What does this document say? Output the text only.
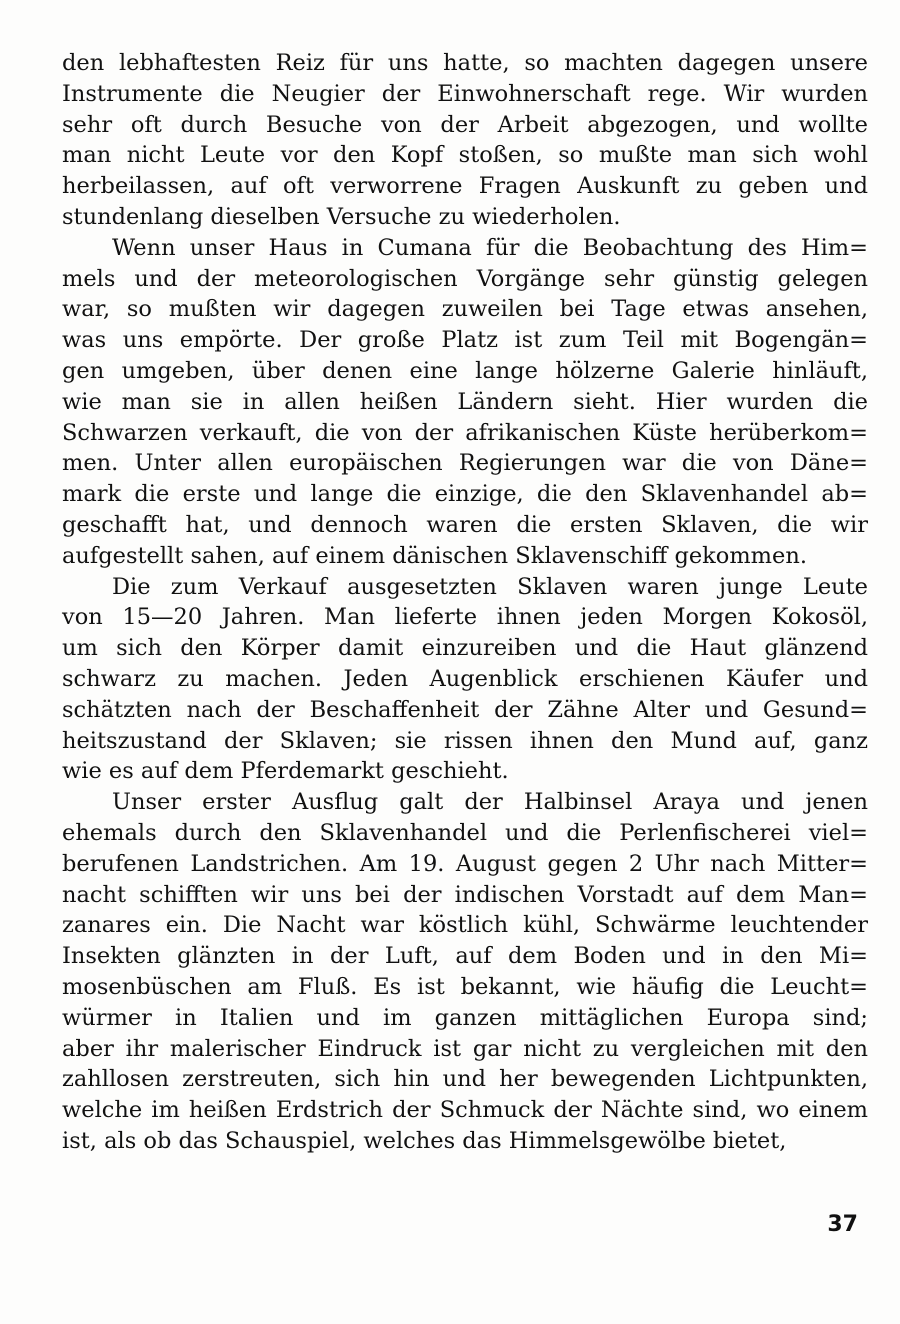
den lebhaftesten Reiz für uns hatte, so machten dagegen unsere
Instrumente die Neugier der Einwohnerschaft rege. Wir wurden
sehr oft durch Besuche von der Arbeit abgezogen, und wollte
man nicht Leute vor den Kopf stoßen, so mußte man sich wohl
herbeilassen, auf oft verworrene Fragen Auskunft zu geben und
stundenlang dieselben Versuche zu wiederholen.
Wenn unser Haus in Cumana für die Beobachtung des Him=
mels und der meteorologischen Vorgänge sehr günstig gelegen
war, so mußten wir dagegen zuweilen bei Tage etwas ansehen,
was uns empörte. Der große Platz ist zum Teil mit Bogengän=
gen umgeben, über denen eine lange hölzerne Galerie hinläuft,
wie man sie in allen heißen Ländern sieht. Hier wurden die
Schwarzen verkauft, die von der afrikanischen Küste herüberkom=
men. Unter allen europäischen Regierungen war die von Däne=
mark die erste und lange die einzige, die den Sklavenhandel ab=
geschafft hat, und dennoch waren die ersten Sklaven, die wir
aufgestellt sahen, auf einem dänischen Sklavenschiff gekommen.
Die zum Verkauf ausgesetzten Sklaven waren junge Leute
von 15—20 Jahren. Man lieferte ihnen jeden Morgen Kokosöl,
um sich den Körper damit einzureiben und die Haut glänzend
schwarz zu machen. Jeden Augenblick erschienen Käufer und
schätzten nach der Beschaffenheit der Zähne Alter und Gesund=
heitszustand der Sklaven; sie rissen ihnen den Mund auf, ganz
wie es auf dem Pferdemarkt geschieht.
Unser erster Ausflug galt der Halbinsel Araya und jenen
ehemals durch den Sklavenhandel und die Perlenfischerei viel=
berufenen Landstrichen. Am 19. August gegen 2 Uhr nach Mitter=
nacht schifften wir uns bei der indischen Vorstadt auf dem Man=
zanares ein. Die Nacht war köstlich kühl, Schwärme leuchtender
Insekten glänzten in der Luft, auf dem Boden und in den Mi=
mosenbüschen am Fluß. Es ist bekannt, wie häufig die Leucht=
würmer in Italien und im ganzen mittäglichen Europa sind;
aber ihr malerischer Eindruck ist gar nicht zu vergleichen mit den
zahllosen zerstreuten, sich hin und her bewegenden Lichtpunkten,
welche im heißen Erdstrich der Schmuck der Nächte sind, wo einem
ist, als ob das Schauspiel, welches das Himmelsgewölbe bietet,
37
